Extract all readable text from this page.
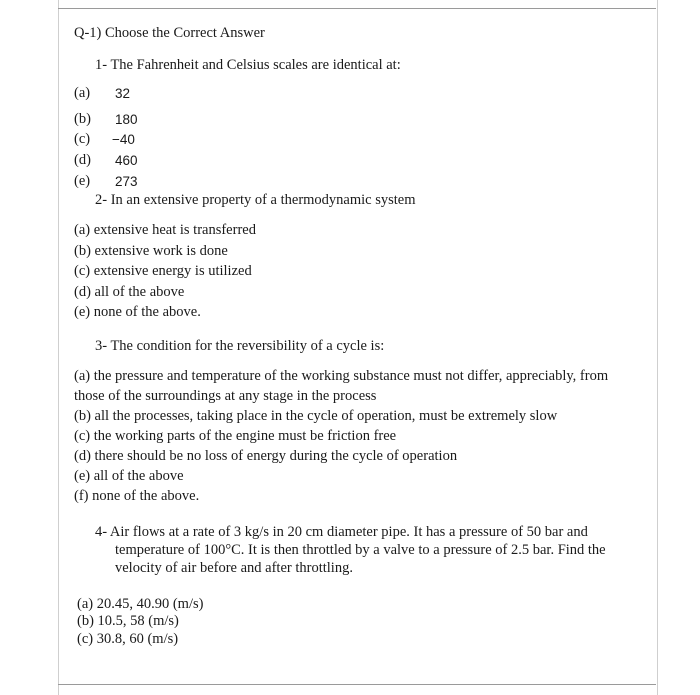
Q-1) Choose the Correct Answer
1- The Fahrenheit and Celsius scales are identical at:
(a) 32
(b) 180
(c) −40
(d) 460
(e) 273
2- In an extensive property of a thermodynamic system
(a) extensive heat is transferred
(b) extensive work is done
(c) extensive energy is utilized
(d) all of the above
(e) none of the above.
3- The condition for the reversibility of a cycle is:
(a) the pressure and temperature of the working substance must not differ, appreciably, from
those of the surroundings at any stage in the process
(b) all the processes, taking place in the cycle of operation, must be extremely slow
(c) the working parts of the engine must be friction free
(d) there should be no loss of energy during the cycle of operation
(e) all of the above
(f) none of the above.
4- Air flows at a rate of 3 kg/s in 20 cm diameter pipe. It has a pressure of 50 bar and
temperature of 100°C. It is then throttled by a valve to a pressure of 2.5 bar. Find the
velocity of air before and after throttling.
(a) 20.45, 40.90 (m/s)
(b) 10.5, 58 (m/s)
(c) 30.8, 60 (m/s)
